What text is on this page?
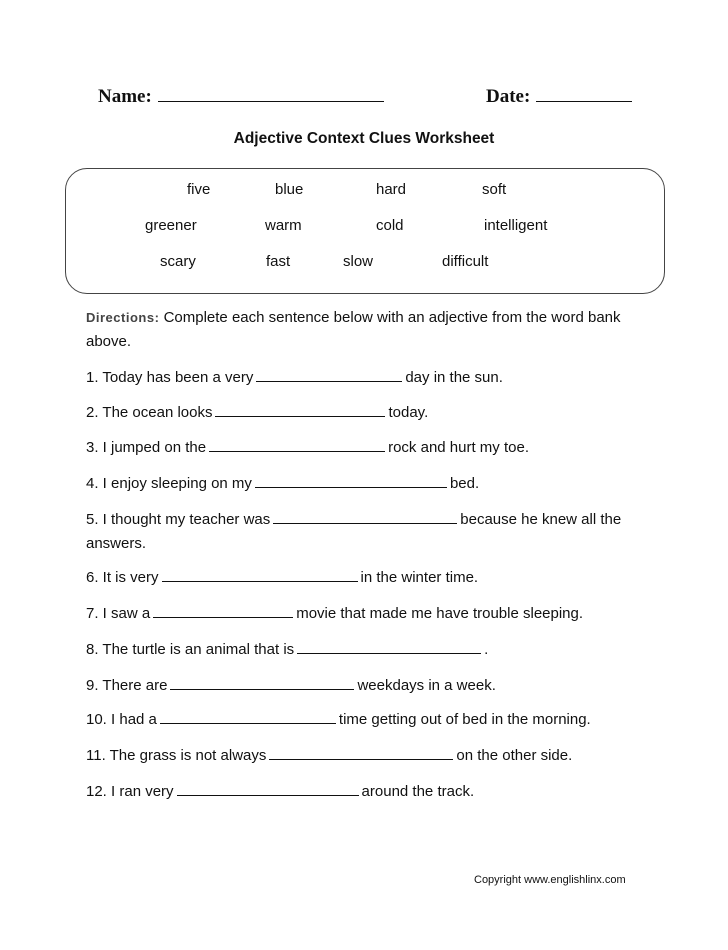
Name:	Date:
Adjective Context Clues Worksheet
five	blue	hard	soft
greener	warm	cold	intelligent
scary	fast	slow	difficult
Directions: Complete each sentence below with an adjective from the word bank above.
1. Today has been a very	day in the sun.
2. The ocean looks	today.
3. I jumped on the	rock and hurt my toe.
4. I enjoy sleeping on my	bed.
5. I thought my teacher was	because he knew all the answers.
6. It is very	in the winter time.
7. I saw a	movie that made me have trouble sleeping.
8. The turtle is an animal that is	.
9. There are	weekdays in a week.
10. I had a	time getting out of bed in the morning.
11. The grass is not always	on the other side.
12. I ran very	around the track.
Copyright www.englishlinx.com
